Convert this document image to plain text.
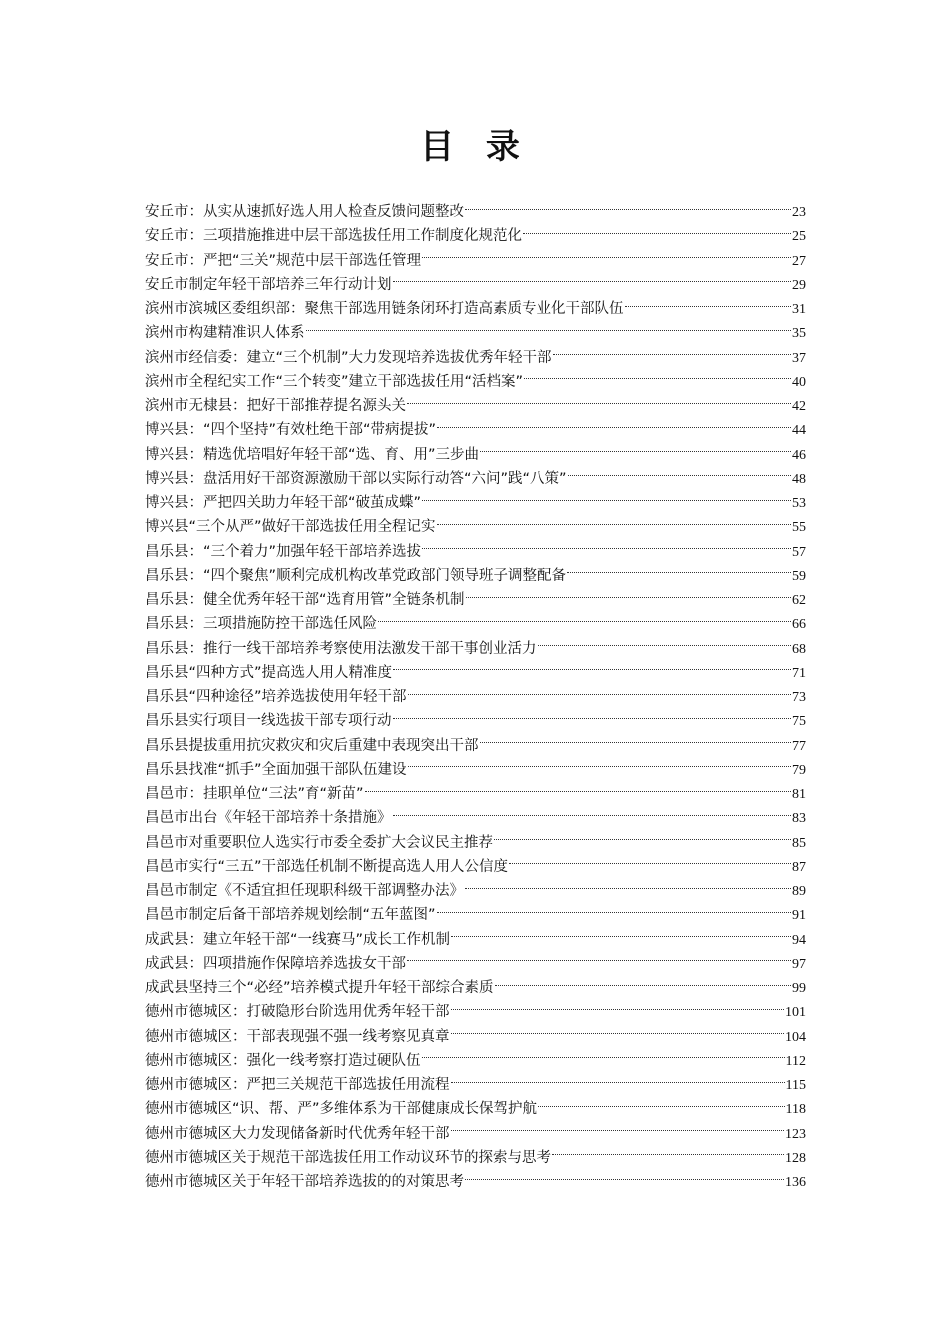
目 录
安丘市：从实从速抓好选人用人检查反馈问题整改	23
安丘市：三项措施推进中层干部选拔任用工作制度化规范化	25
安丘市：严把“三关”规范中层干部选任管理	27
安丘市制定年轻干部培养三年行动计划	29
滨州市滨城区委组织部：聚焦干部选用链条闭环打造高素质专业化干部队伍	31
滨州市构建精准识人体系	35
滨州市经信委：建立“三个机制”大力发现培养选拔优秀年轻干部	37
滨州市全程纪实工作“三个转变”建立干部选拔任用“活档案”	40
滨州市无棣县：把好干部推荐提名源头关	42
博兴县：“四个坚持”有效杜绝干部“带病提拔”	44
博兴县：精选优培唱好年轻干部“选、育、用”三步曲	46
博兴县：盘活用好干部资源激励干部以实际行动答“六问”践“八策”	48
博兴县：严把四关助力年轻干部“破茧成蝶”	53
博兴县“三个从严”做好干部选拔任用全程记实	55
昌乐县：“三个着力”加强年轻干部培养选拔	57
昌乐县：“四个聚焦”顺利完成机构改革党政部门领导班子调整配备	59
昌乐县：健全优秀年轻干部“选育用管”全链条机制	62
昌乐县：三项措施防控干部选任风险	66
昌乐县：推行一线干部培养考察使用法激发干部干事创业活力	68
昌乐县“四种方式”提高选人用人精准度	71
昌乐县“四种途径”培养选拔使用年轻干部	73
昌乐县实行项目一线选拔干部专项行动	75
昌乐县提拔重用抗灾救灾和灾后重建中表现突出干部	77
昌乐县找准“抓手”全面加强干部队伍建设	79
昌邑市：挂职单位“三法”育“新苗”	81
昌邑市出台《年轻干部培养十条措施》	83
昌邑市对重要职位人选实行市委全委扩大会议民主推荐	85
昌邑市实行“三五”干部选任机制不断提高选人用人公信度	87
昌邑市制定《不适宜担任现职科级干部调整办法》	89
昌邑市制定后备干部培养规划绘制“五年蓝图”	91
成武县：建立年轻干部“一线赛马”成长工作机制	94
成武县：四项措施作保障培养选拔女干部	97
成武县坚持三个“必经”培养模式提升年轻干部综合素质	99
德州市德城区：打破隐形台阶选用优秀年轻干部	101
德州市德城区：干部表现强不强一线考察见真章	104
德州市德城区：强化一线考察打造过硬队伍	112
德州市德城区：严把三关规范干部选拔任用流程	115
德州市德城区“识、帮、严”多维体系为干部健康成长保驾护航	118
德州市德城区大力发现储备新时代优秀年轻干部	123
德州市德城区关于规范干部选拔任用工作动议环节的探索与思考	128
德州市德城区关于年轻干部培养选拔的的对策思考	136
